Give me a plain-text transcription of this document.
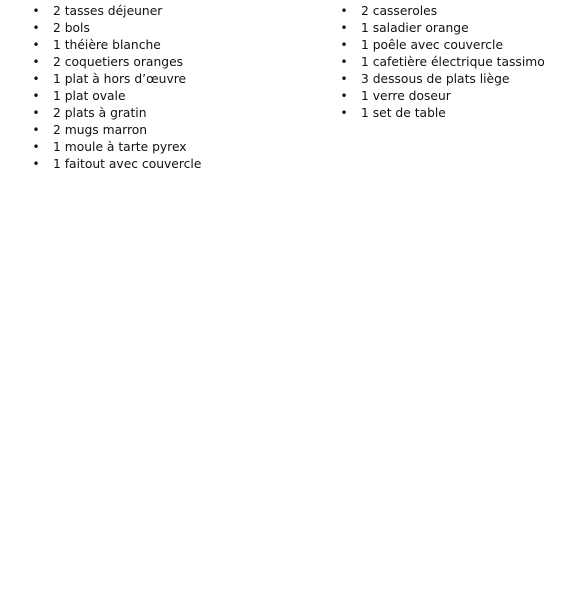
• 2 tasses déjeuner
• 2 bols
• 1 théière blanche
• 2 coquetiers oranges
• 1 plat à hors d’œuvre
• 1 plat ovale
• 2 plats à gratin
• 2 mugs marron
• 1 moule à tarte pyrex
• 1 faitout avec couvercle
• 2 casseroles
• 1 saladier orange
• 1 poêle avec couvercle
• 1 cafetière électrique tassimo
• 3 dessous de plats liège
• 1 verre doseur
• 1 set de table
